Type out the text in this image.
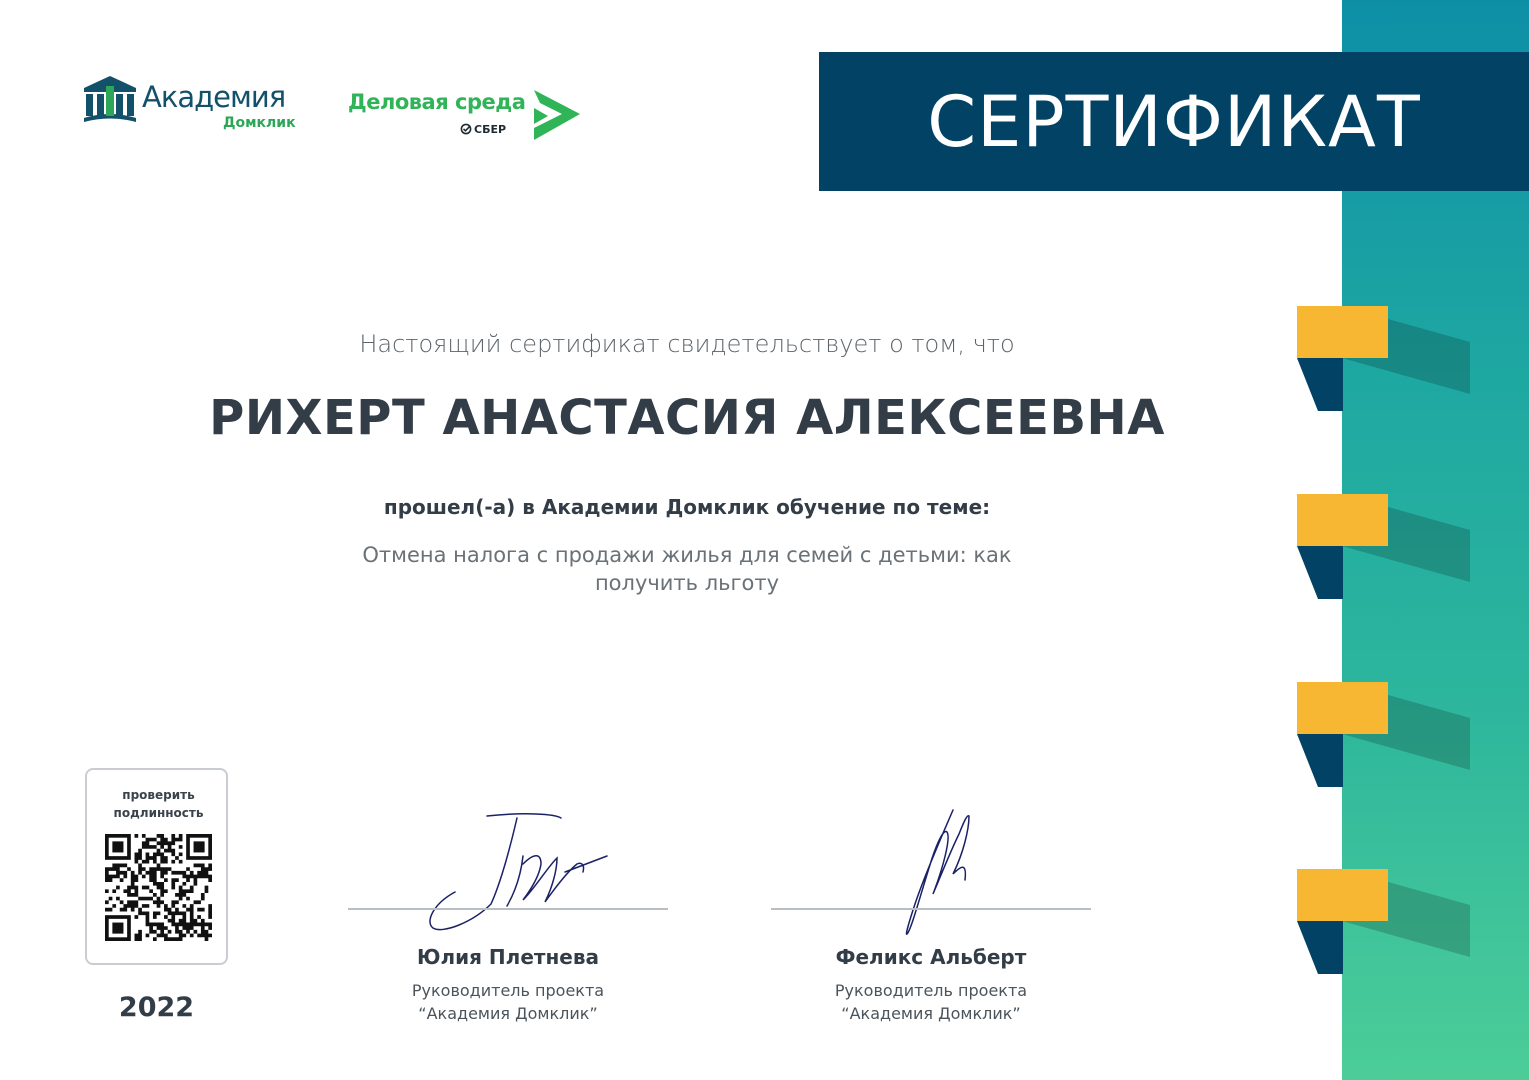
СЕРТИФИКАТ
Академия
Домклик
Деловая среда
СБЕР
Настоящий сертификат свидетельствует о том, что
РИХЕРТ АНАСТАСИЯ АЛЕКСЕЕВНА
прошел(-а) в Академии Домклик обучение по теме:
Отмена налога с продажи жилья для семей с детьми: как получить льготу
проверить
подлинность
2022
Юлия Плетнева
Руководитель проекта
“Академия Домклик”
Феликс Альберт
Руководитель проекта
“Академия Домклик”
